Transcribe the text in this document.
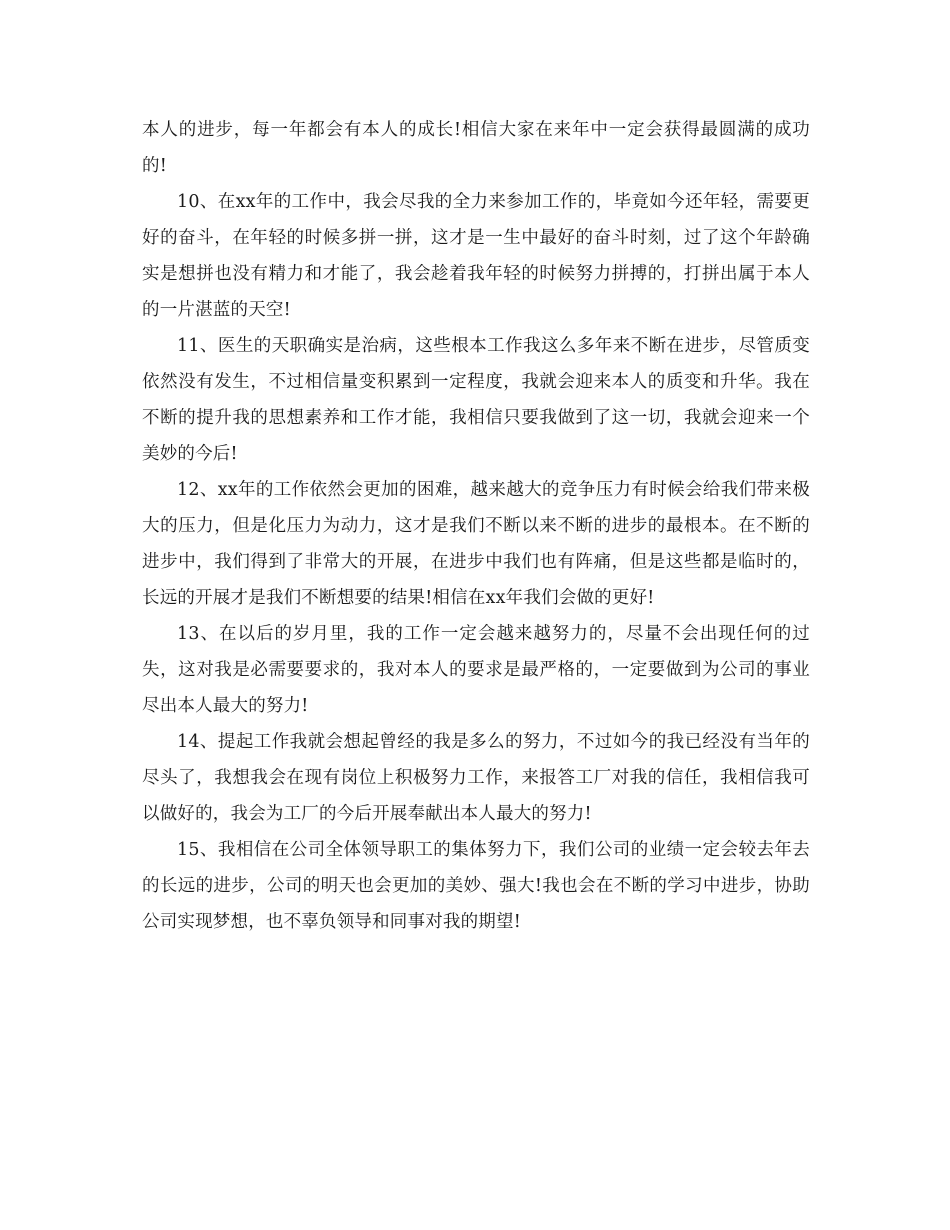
本人的进步，每一年都会有本人的成长!相信大家在来年中一定会获得最圆满的成功的!

10、在xx年的工作中，我会尽我的全力来参加工作的，毕竟如今还年轻，需要更好的奋斗，在年轻的时候多拼一拼，这才是一生中最好的奋斗时刻，过了这个年龄确实是想拼也没有精力和才能了，我会趁着我年轻的时候努力拼搏的，打拼出属于本人的一片湛蓝的天空!

11、医生的天职确实是治病，这些根本工作我这么多年来不断在进步，尽管质变依然没有发生，不过相信量变积累到一定程度，我就会迎来本人的质变和升华。我在不断的提升我的思想素养和工作才能，我相信只要我做到了这一切，我就会迎来一个美妙的今后!

12、xx年的工作依然会更加的困难，越来越大的竞争压力有时候会给我们带来极大的压力，但是化压力为动力，这才是我们不断以来不断的进步的最根本。在不断的进步中，我们得到了非常大的开展，在进步中我们也有阵痛，但是这些都是临时的，长远的开展才是我们不断想要的结果!相信在xx年我们会做的更好!

13、在以后的岁月里，我的工作一定会越来越努力的，尽量不会出现任何的过失，这对我是必需要要求的，我对本人的要求是最严格的，一定要做到为公司的事业尽出本人最大的努力!

14、提起工作我就会想起曾经的我是多么的努力，不过如今的我已经没有当年的尽头了，我想我会在现有岗位上积极努力工作，来报答工厂对我的信任，我相信我可以做好的，我会为工厂的今后开展奉献出本人最大的努力!

15、我相信在公司全体领导职工的集体努力下，我们公司的业绩一定会较去年去的长远的进步，公司的明天也会更加的美妙、强大!我也会在不断的学习中进步，协助公司实现梦想，也不辜负领导和同事对我的期望!
